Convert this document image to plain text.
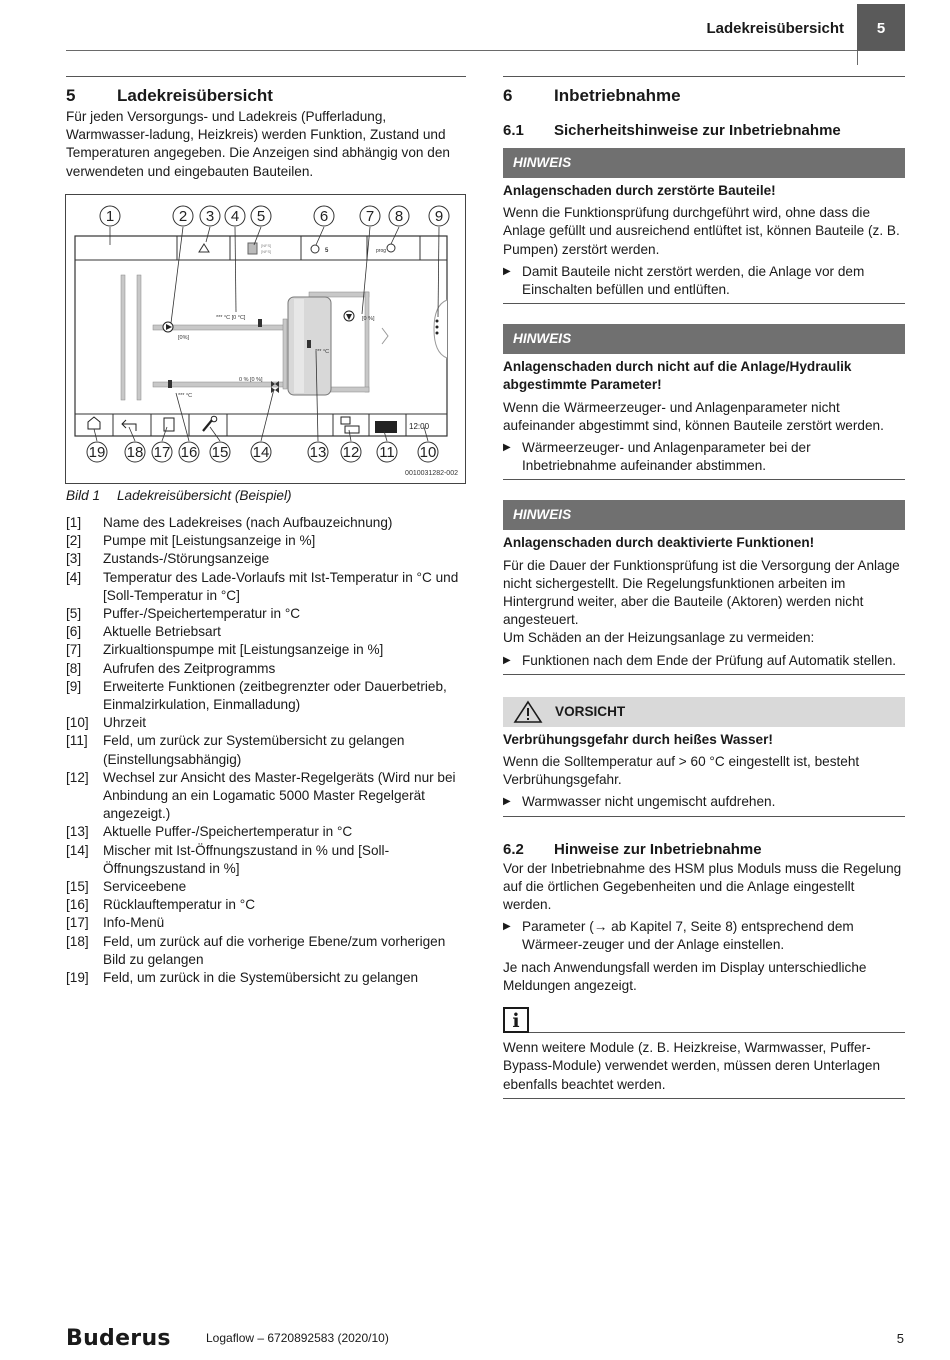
Ladekreisübersicht	5
5 Ladekreisübersicht

Für jeden Versorgungs- und Ladekreis (Pufferladung, Warmwasser-ladung, Heizkreis) werden Funktion, Zustand und Temperaturen angegeben. Die Anzeigen sind abhängig von den verwendeten und eingebauten Bauteilen.

[NFS]
[NFS]	5	prog
[0%]
*** °C [0 °C]	[0 %]
0 % [0 %]
*** °C
*** °C
12:00
1	2 3 4 5	6	7 8 9
19 18 17 16 15 14	13 12 11 10
0010031282-002
Bild 1 Ladekreisübersicht (Beispiel)
[1]	Name des Ladekreises (nach Aufbauzeichnung)
[2]	Pumpe mit [Leistungsanzeige in %]
[3]	Zustands-/Störungsanzeige
[4]	Temperatur des Lade-Vorlaufs mit Ist-Temperatur in °C und [Soll-Temperatur in °C]
[5]	Puffer-/Speichertemperatur in °C
[6]	Aktuelle Betriebsart
[7]	Zirkualtionspumpe mit [Leistungsanzeige in %]
[8]	Aufrufen des Zeitprogramms
[9]	Erweiterte Funktionen (zeitbegrenzter oder Dauerbetrieb, Einmalzirkulation, Einmalladung)
[10]	Uhrzeit
[11]	Feld, um zurück zur Systemübersicht zu gelangen (Einstellungsabhängig)
[12]	Wechsel zur Ansicht des Master-Regelgeräts (Wird nur bei Anbindung an ein Logamatic 5000 Master Regelgerät angezeigt.)
[13]	Aktuelle Puffer-/Speichertemperatur in °C
[14]	Mischer mit Ist-Öffnungszustand in % und [Soll-Öffnungszustand in %]
[15]	Serviceebene
[16]	Rücklauftemperatur in °C
[17]	Info-Menü
[18]	Feld, um zurück auf die vorherige Ebene/zum vorherigen Bild zu gelangen
[19]	Feld, um zurück in die Systemübersicht zu gelangen
6 Inbetriebnahme
6.1 Sicherheitshinweise zur Inbetriebnahme
HINWEIS
Anlagenschaden durch zerstörte Bauteile!

Wenn die Funktionsprüfung durchgeführt wird, ohne dass die Anlage gefüllt und ausreichend entlüftet ist, können Bauteile (z. B. Pumpen) zerstört werden.

▶ Damit Bauteile nicht zerstört werden, die Anlage vor dem Einschalten befüllen und entlüften.
HINWEIS
Anlagenschaden durch nicht auf die Anlage/Hydraulik abgestimmte Parameter!

Wenn die Wärmeerzeuger- und Anlagenparameter nicht aufeinander abgestimmt sind, können Bauteile zerstört werden.

▶ Wärmeerzeuger- und Anlagenparameter bei der Inbetriebnahme aufeinander abstimmen.
HINWEIS
Anlagenschaden durch deaktivierte Funktionen!

Für die Dauer der Funktionsprüfung ist die Versorgung der Anlage nicht sichergestellt. Die Regelungsfunktionen arbeiten im Hintergrund weiter, aber die Bauteile (Aktoren) werden nicht angesteuert.

Um Schäden an der Heizungsanlage zu vermeiden:

▶ Funktionen nach dem Ende der Prüfung auf Automatik stellen.
VORSICHT
Verbrühungsgefahr durch heißes Wasser!

Wenn die Solltemperatur auf > 60 °C eingestellt ist, besteht Verbrühungsgefahr.

▶ Warmwasser nicht ungemischt aufdrehen.
6.2 Hinweise zur Inbetriebnahme

Vor der Inbetriebnahme des HSM plus Moduls muss die Regelung auf die örtlichen Gegebenheiten und die Anlage eingestellt werden.

▶ Parameter (→ ab Kapitel 7, Seite 8) entsprechend dem Wärmeer-zeuger und der Anlage einstellen.

Je nach Anwendungsfall werden im Display unterschiedliche Meldungen angezeigt.

i

Wenn weitere Module (z. B. Heizkreise, Warmwasser, Puffer-Bypass-Module) verwendet werden, müssen deren Unterlagen ebenfalls beachtet werden.

Buderus	Logaflow – 6720892583 (2020/10)	5
